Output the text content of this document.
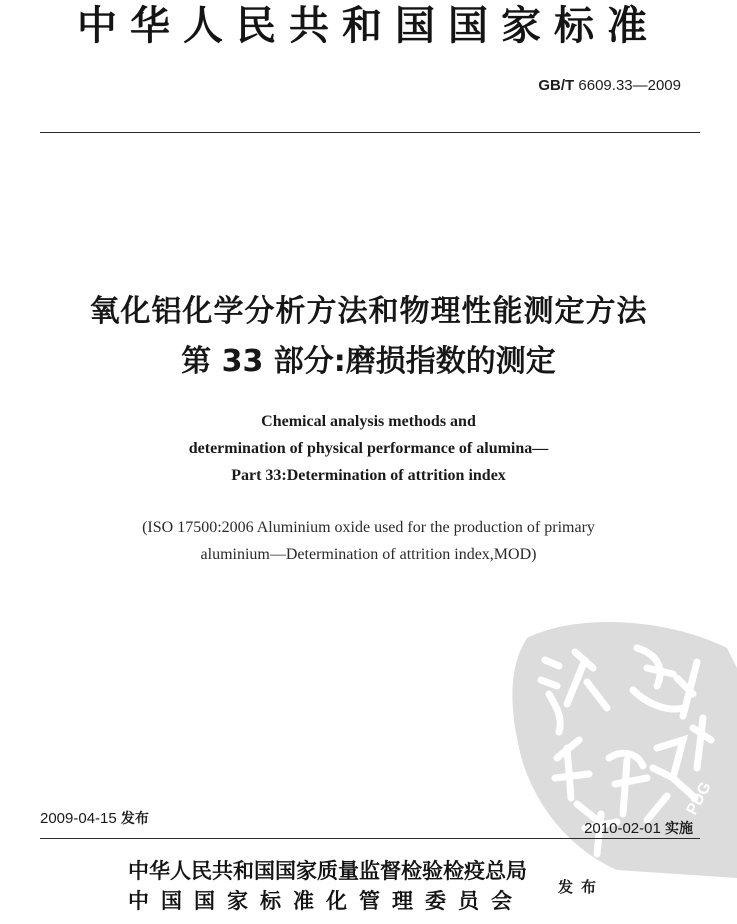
中华人民共和国国家标准
GB/T 6609.33—2009
氧化铝化学分析方法和物理性能测定方法
第 33 部分:磨损指数的测定
Chemical analysis methods and
determination of physical performance of alumina—
Part 33:Determination of attrition index
(ISO 17500:2006 Aluminium oxide used for the production of primary
aluminium—Determination of attrition index,MOD)
PDG
2009-04-15 发布
2010-02-01 实施
中华人民共和国国家质量监督检验检疫总局
中国国家标准化管理委员会
发布
